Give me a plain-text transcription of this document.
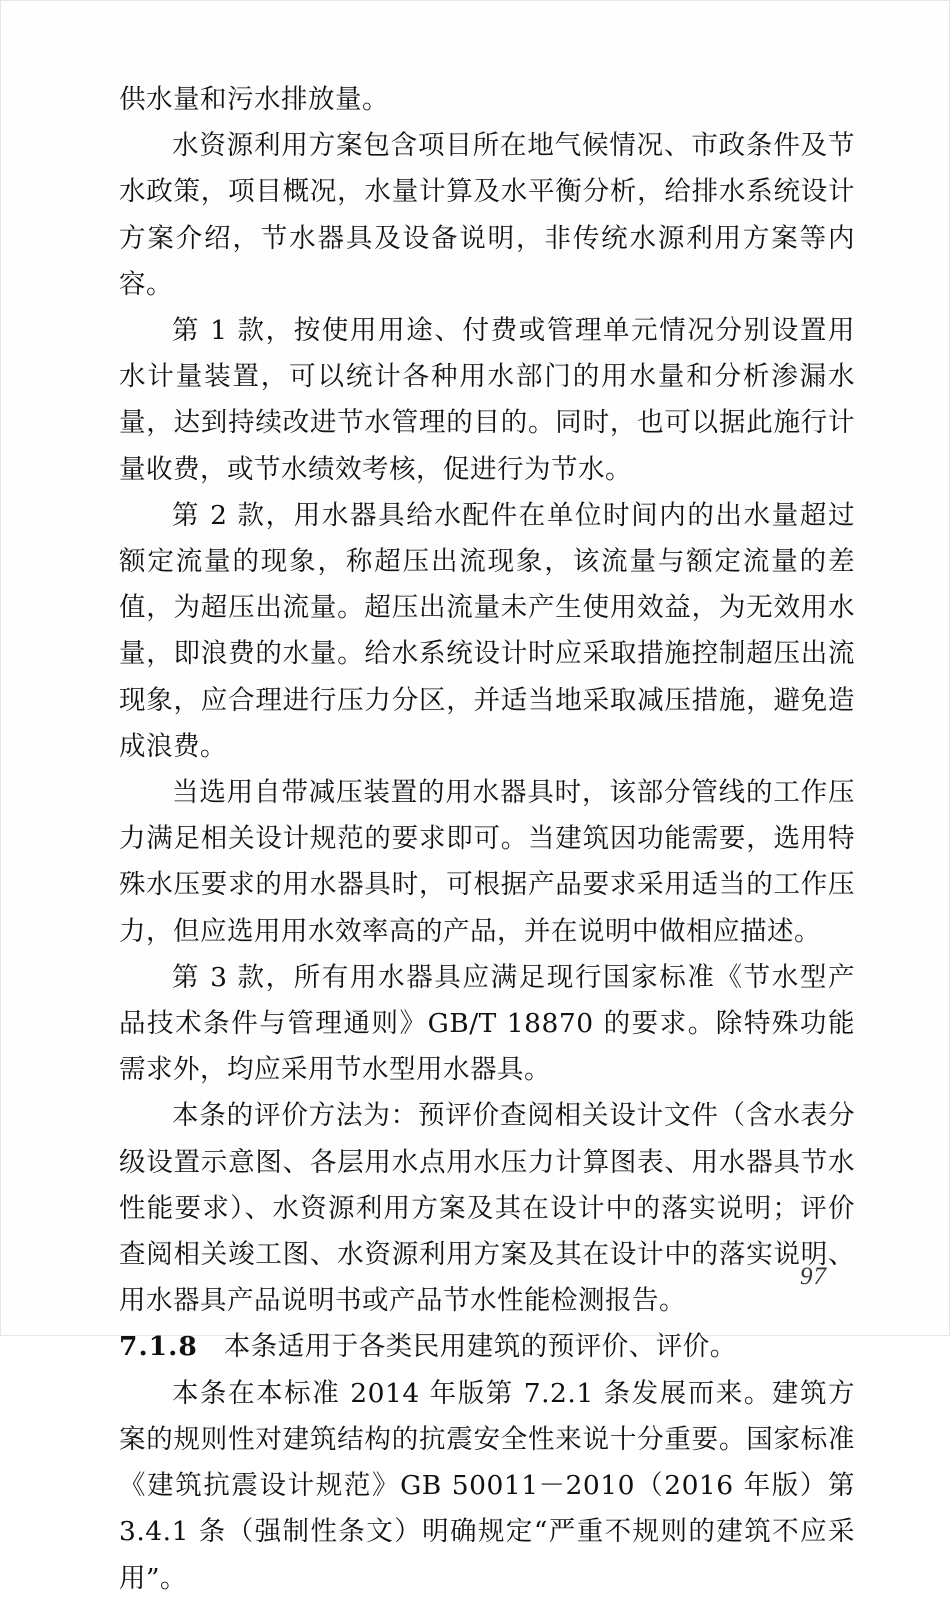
供水量和污水排放量。

水资源利用方案包含项目所在地气候情况、市政条件及节水政策，项目概况，水量计算及水平衡分析，给排水系统设计方案介绍，节水器具及设备说明，非传统水源利用方案等内容。

第 1 款，按使用用途、付费或管理单元情况分别设置用水计量装置，可以统计各种用水部门的用水量和分析渗漏水量，达到持续改进节水管理的目的。同时，也可以据此施行计量收费，或节水绩效考核，促进行为节水。

第 2 款，用水器具给水配件在单位时间内的出水量超过额定流量的现象，称超压出流现象，该流量与额定流量的差值，为超压出流量。超压出流量未产生使用效益，为无效用水量，即浪费的水量。给水系统设计时应采取措施控制超压出流现象，应合理进行压力分区，并适当地采取减压措施，避免造成浪费。

当选用自带减压装置的用水器具时，该部分管线的工作压力满足相关设计规范的要求即可。当建筑因功能需要，选用特殊水压要求的用水器具时，可根据产品要求采用适当的工作压力，但应选用用水效率高的产品，并在说明中做相应描述。

第 3 款，所有用水器具应满足现行国家标准《节水型产品技术条件与管理通则》GB/T 18870 的要求。除特殊功能需求外，均应采用节水型用水器具。

本条的评价方法为：预评价查阅相关设计文件（含水表分级设置示意图、各层用水点用水压力计算图表、用水器具节水性能要求）、水资源利用方案及其在设计中的落实说明；评价查阅相关竣工图、水资源利用方案及其在设计中的落实说明、用水器具产品说明书或产品节水性能检测报告。

7.1.8 本条适用于各类民用建筑的预评价、评价。

本条在本标准 2014 年版第 7.2.1 条发展而来。建筑方案的规则性对建筑结构的抗震安全性来说十分重要。国家标准《建筑抗震设计规范》GB 50011－2010（2016 年版）第 3.4.1 条（强制性条文）明确规定“严重不规则的建筑不应采用”。

97
